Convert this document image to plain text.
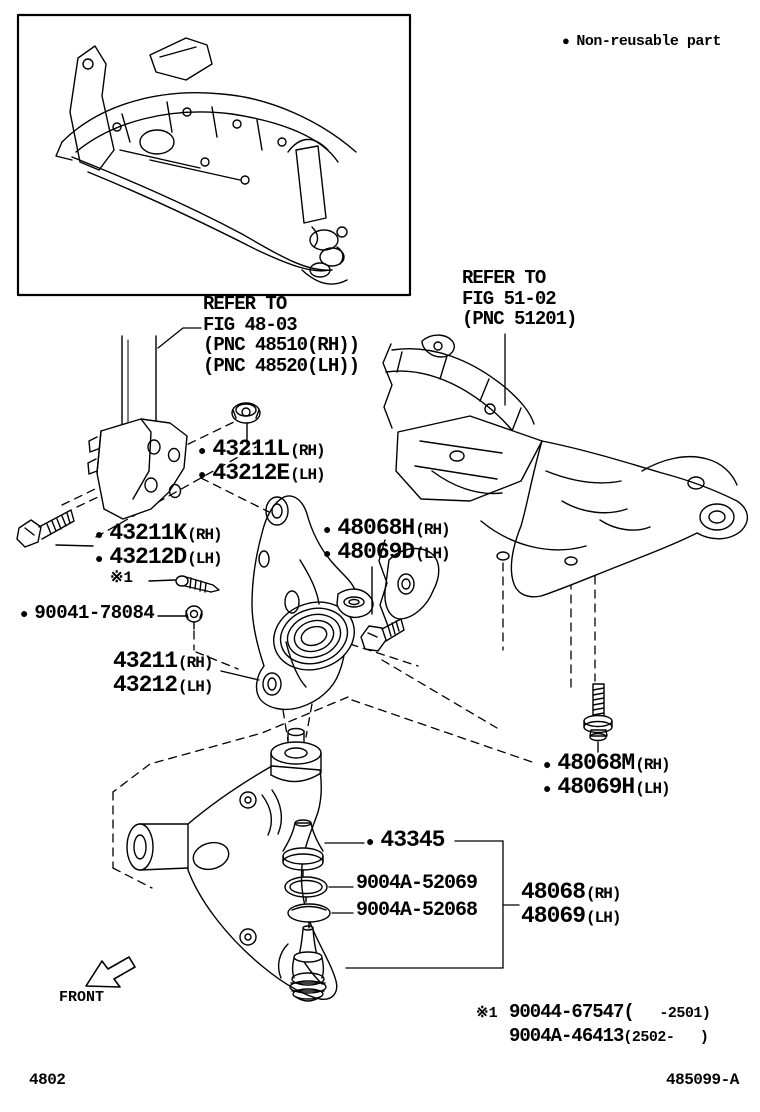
● Non-reusable part
REFER TO
FIG 48-03
(PNC 48510(RH))
(PNC 48520(LH))
REFER TO
FIG 51-02
(PNC 51201)
● 43211L (RH)
● 43212E (LH)
● 43211K (RH)
● 43212D (LH)
※1
● 90041-78084
43211 (RH)
43212 (LH)
● 48068H (RH)
● 48069D (LH)
● 48068M (RH)
● 48069H (LH)
● 43345
9004A-52069
9004A-52068
48068 (RH)
48069 (LH)
FRONT
※1 90044-67547( -2501)
9004A-46413 (2502-   )
4802	485099-A
